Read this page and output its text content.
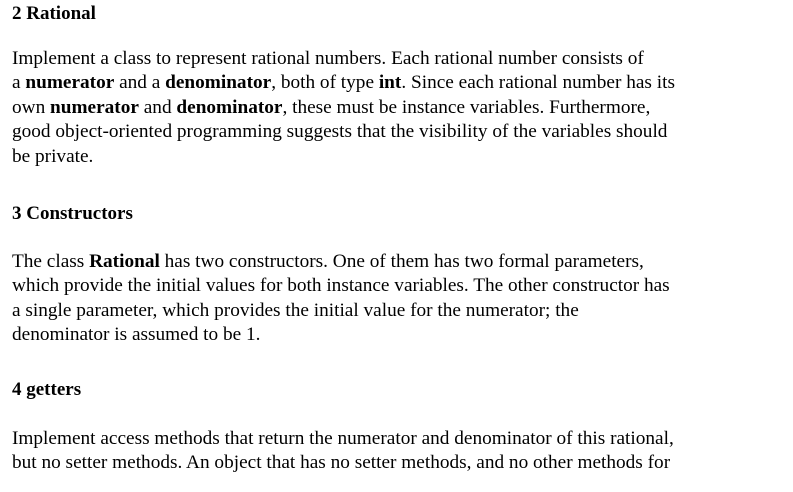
2 Rational

Implement a class to represent rational numbers. Each rational number consists of
a numerator and a denominator, both of type int. Since each rational number has its
own numerator and denominator, these must be instance variables. Furthermore,
good object-oriented programming suggests that the visibility of the variables should
be private.

3 Constructors

The class Rational has two constructors. One of them has two formal parameters,
which provide the initial values for both instance variables. The other constructor has
a single parameter, which provides the initial value for the numerator; the
denominator is assumed to be 1.

4 getters

Implement access methods that return the numerator and denominator of this rational,
but no setter methods. An object that has no setter methods, and no other methods for
